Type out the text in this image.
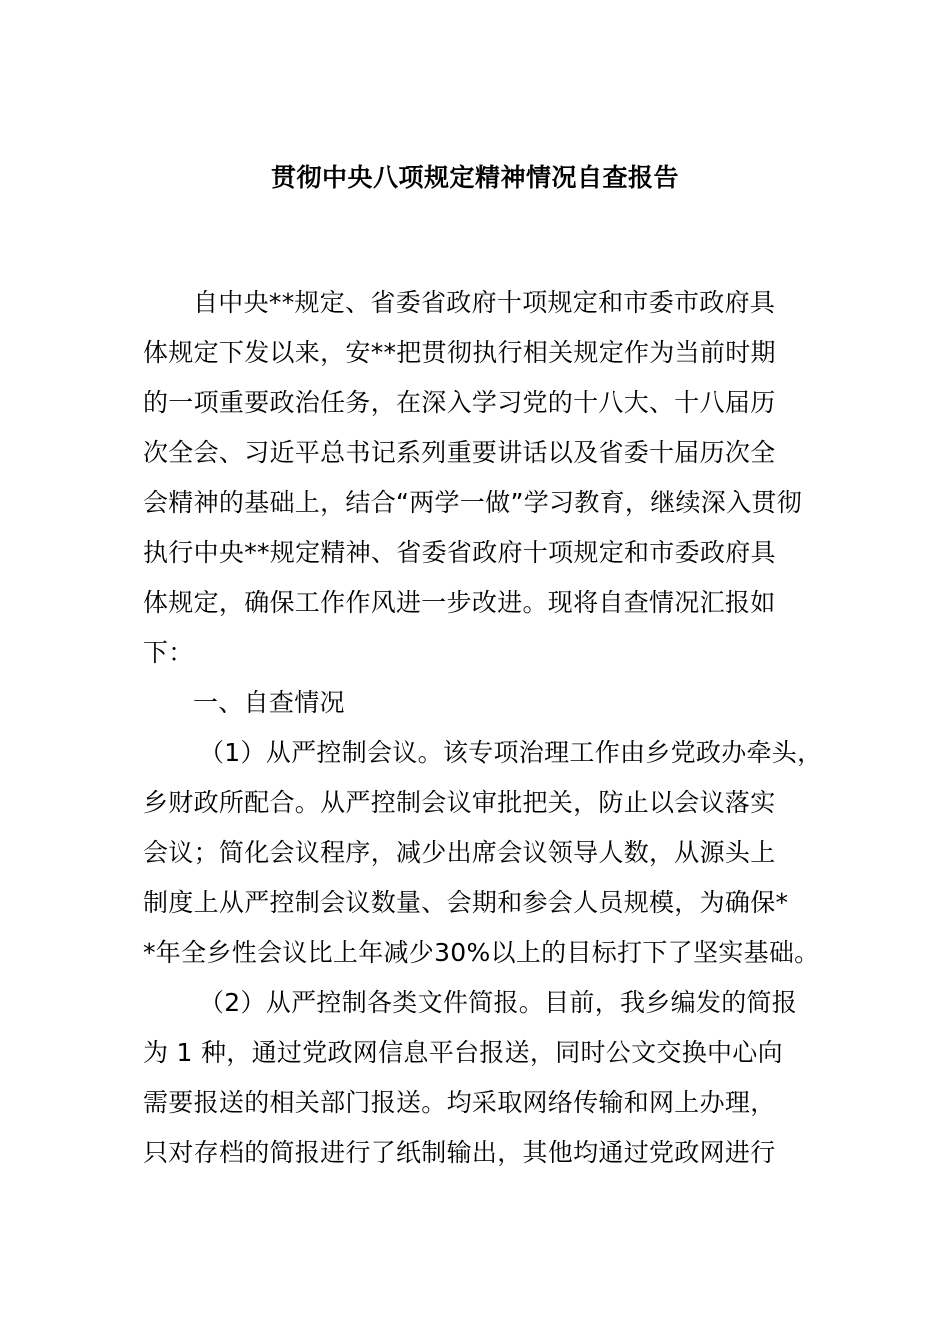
贯彻中央八项规定精神情况自查报告
自中央**规定、省委省政府十项规定和市委市政府具
体规定下发以来，安**把贯彻执行相关规定作为当前时期
的一项重要政治任务，在深入学习党的十八大、十八届历
次全会、习近平总书记系列重要讲话以及省委十届历次全
会精神的基础上，结合“两学一做”学习教育，继续深入贯彻
执行中央**规定精神、省委省政府十项规定和市委政府具
体规定，确保工作作风进一步改进。现将自查情况汇报如
下：
一、自查情况
（1）从严控制会议。该专项治理工作由乡党政办牵头，
乡财政所配合。从严控制会议审批把关，防止以会议落实
会议；简化会议程序，减少出席会议领导人数，从源头上
制度上从严控制会议数量、会期和参会人员规模，为确保*
*年全乡性会议比上年减少30%以上的目标打下了坚实基础。
（2）从严控制各类文件简报。目前，我乡编发的简报
为 1 种，通过党政网信息平台报送，同时公文交换中心向
需要报送的相关部门报送。均采取网络传输和网上办理，
只对存档的简报进行了纸制输出，其他均通过党政网进行
